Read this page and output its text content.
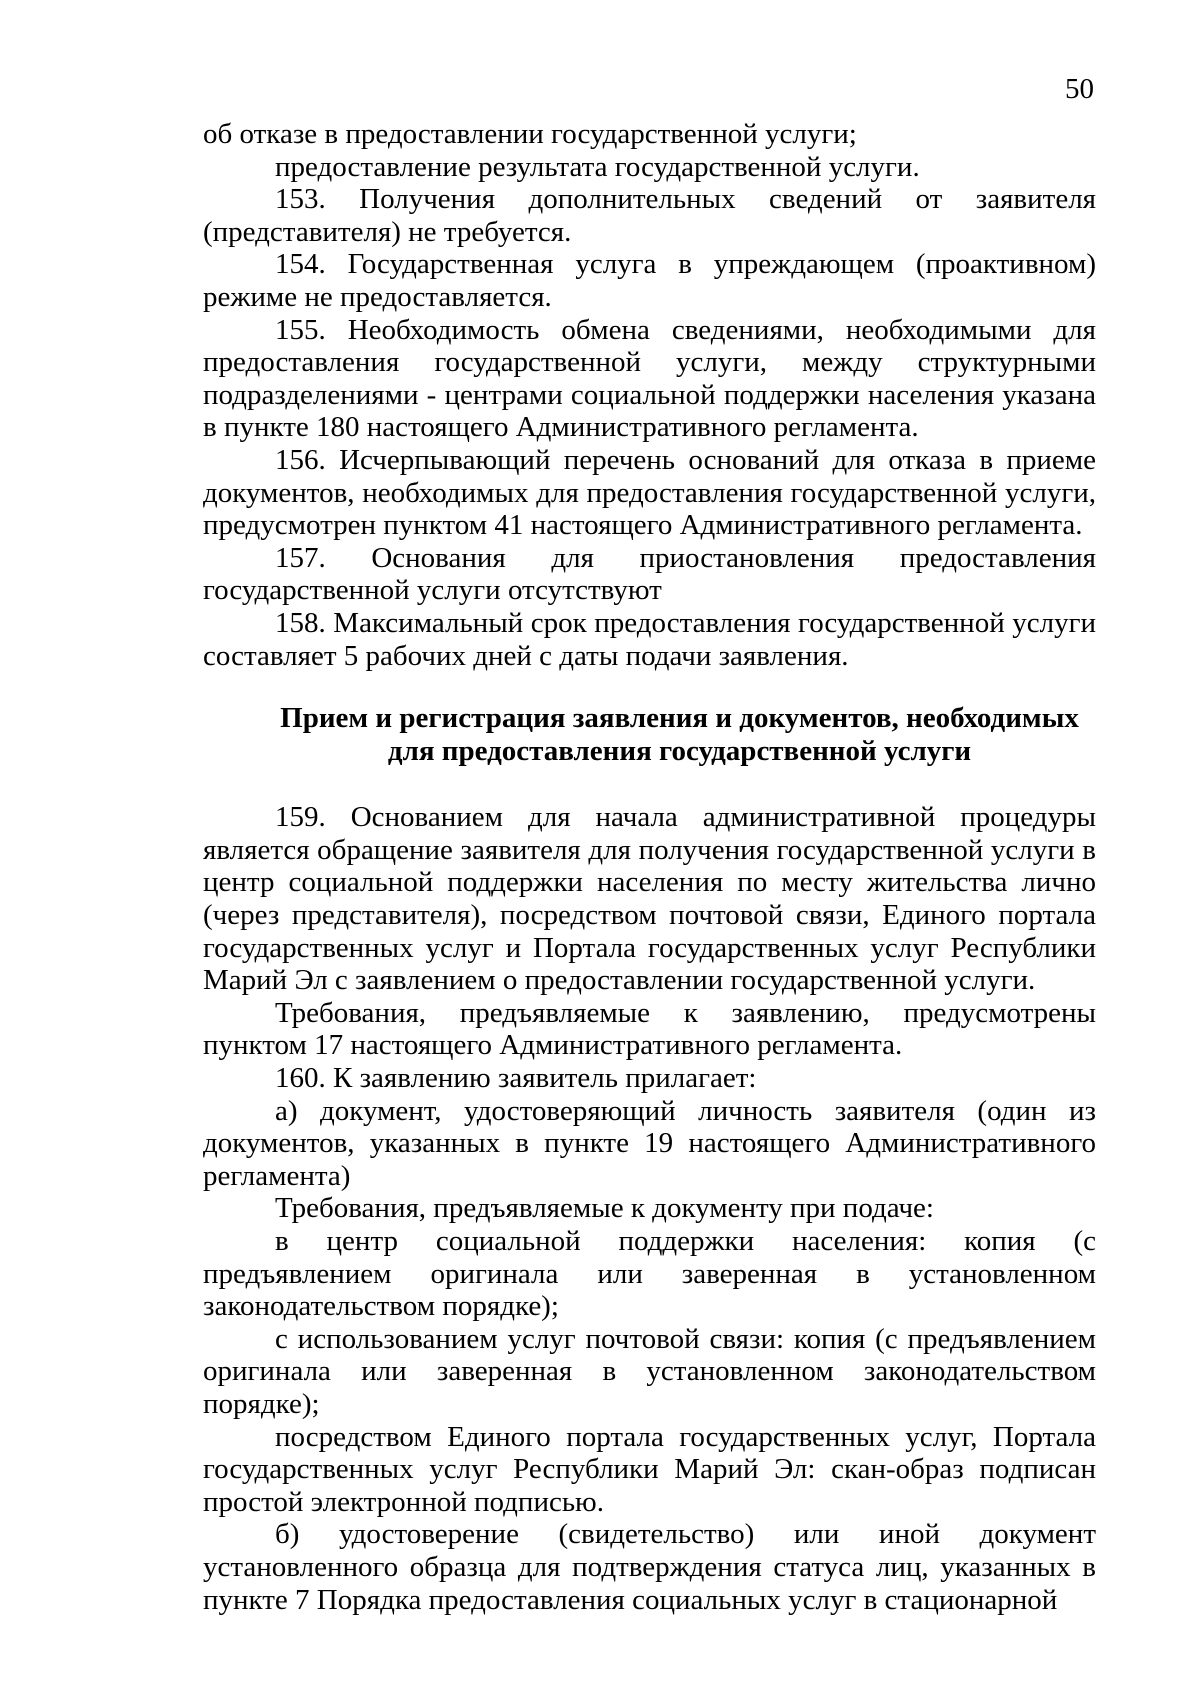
50

об отказе в предоставлении государственной услуги;

предоставление результата государственной услуги.

153. Получения дополнительных сведений от заявителя (представителя) не требуется.

154. Государственная услуга в упреждающем (проактивном) режиме не предоставляется.

155. Необходимость обмена сведениями, необходимыми для предоставления государственной услуги, между структурными подразделениями - центрами социальной поддержки населения указана в пункте 180 настоящего Административного регламента.

156. Исчерпывающий перечень оснований для отказа в приеме документов, необходимых для предоставления государственной услуги, предусмотрен пунктом 41 настоящего Административного регламента.

157. Основания для приостановления предоставления государственной услуги отсутствуют

158. Максимальный срок предоставления государственной услуги составляет 5 рабочих дней с даты подачи заявления.

Прием и регистрация заявления и документов, необходимых
для предоставления государственной услуги

159. Основанием для начала административной процедуры является обращение заявителя для получения государственной услуги в центр социальной поддержки населения по месту жительства лично (через представителя), посредством почтовой связи, Единого портала государственных услуг и Портала государственных услуг Республики Марий Эл с заявлением о предоставлении государственной услуги.

Требования, предъявляемые к заявлению, предусмотрены пунктом 17 настоящего Административного регламента.

160. К заявлению заявитель прилагает:

а) документ, удостоверяющий личность заявителя (один из документов, указанных в пункте 19 настоящего Административного регламента)

Требования, предъявляемые к документу при подаче:

в центр социальной поддержки населения: копия (с предъявлением оригинала или заверенная в установленном законодательством порядке);

с использованием услуг почтовой связи: копия (с предъявлением оригинала или заверенная в установленном законодательством порядке);

посредством Единого портала государственных услуг, Портала государственных услуг Республики Марий Эл: скан-образ подписан простой электронной подписью.

б) удостоверение (свидетельство) или иной документ установленного образца для подтверждения статуса лиц, указанных в пункте 7 Порядка предоставления социальных услуг в стационарной
